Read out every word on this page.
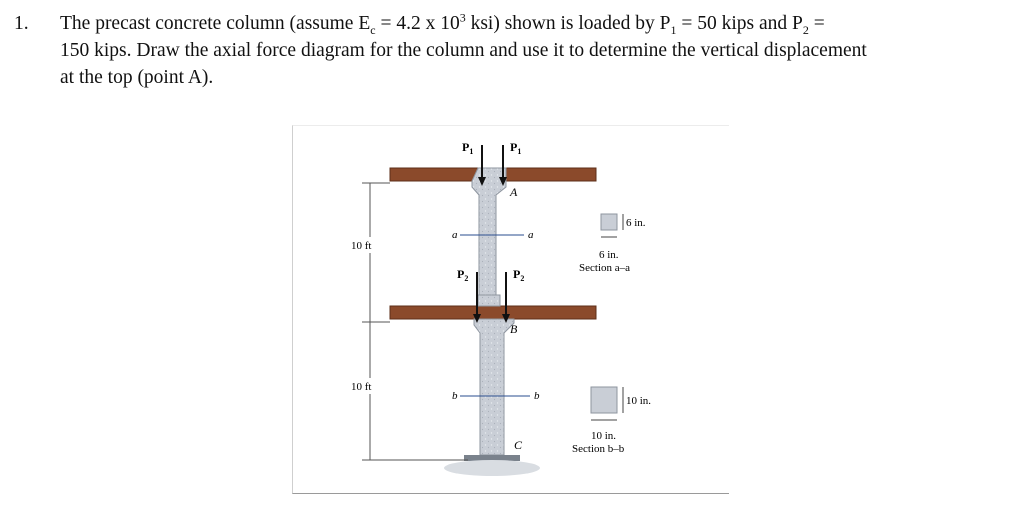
1. The precast concrete column (assume $E_c = 4.2$ x $10^3$ ksi) shown is loaded by $P_1 = 50$ kips and $P_2$ =
150 kips. Draw the axial force diagram for the column and use it to determine the vertical displacement
at the top (point A).
$P_1$	$P_1$
$P_2$	$P_2$
A
B
C
a	a
b	b
10 ft
10 ft
6 in.
6 in.
Section a–a
10 in.
10 in.
Section b–b
